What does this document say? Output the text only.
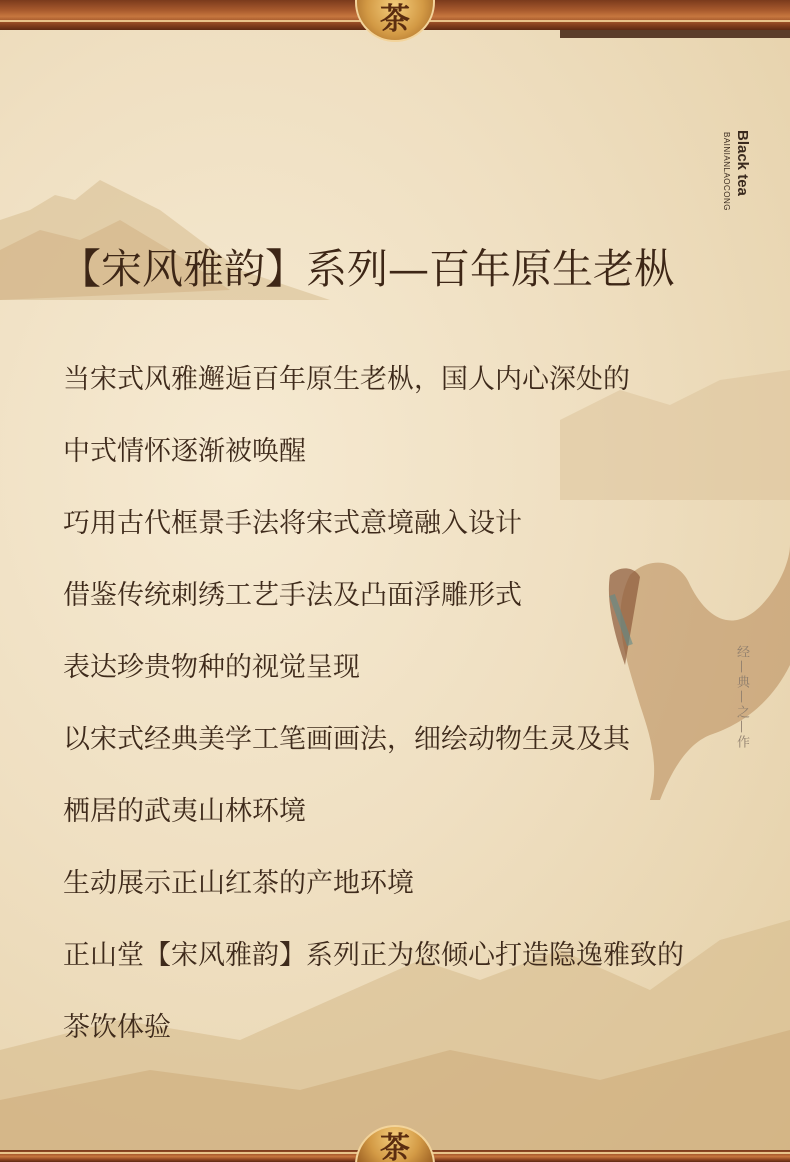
茶
Black tea
BAINIANLAOCONG
【宋风雅韵】系列—百年原生老枞

当宋式风雅邂逅百年原生老枞，国人内心深处的

中式情怀逐渐被唤醒

巧用古代框景手法将宋式意境融入设计

借鉴传统刺绣工艺手法及凸面浮雕形式

表达珍贵物种的视觉呈现

以宋式经典美学工笔画画法，细绘动物生灵及其

栖居的武夷山林环境

生动展示正山红茶的产地环境

正山堂【宋风雅韵】系列正为您倾心打造隐逸雅致的

茶饮体验

经—典—之—作
茶
